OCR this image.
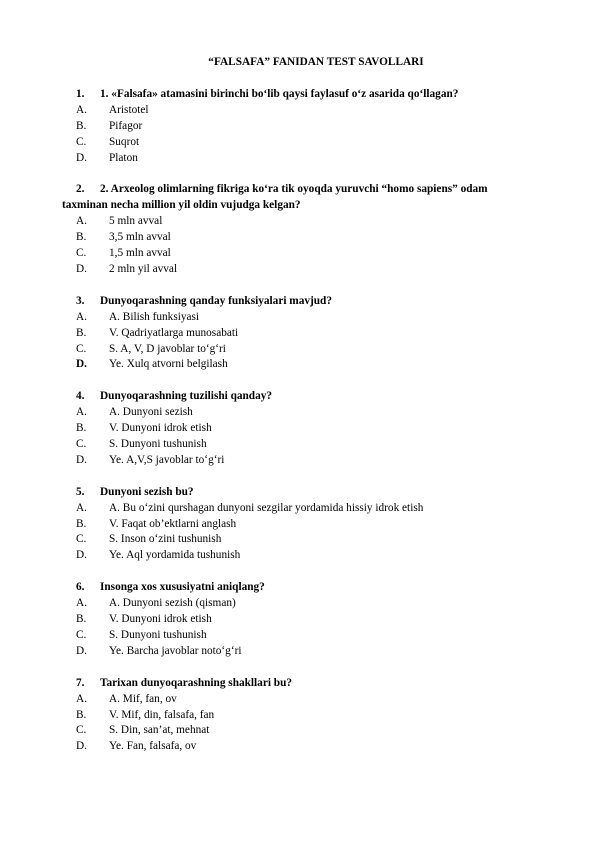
“FALSAFA” FANIDAN TEST SAVOLLARI
1. 1. «Falsafa» atamasini birinchi bo‘lib qaysi faylasuf o‘z asarida qo‘llagan?
A. Aristotel
B. Pifagor
C. Suqrot
D. Platon
2. 2. Arxeolog olimlarning fikriga ko‘ra tik oyoqda yuruvchi “homo sapiens” odam
taxminan necha million yil oldin vujudga kelgan?
A. 5 mln avval
B. 3,5 mln avval
C. 1,5 mln avval
D. 2 mln yil avval
3. Dunyoqarashning qanday funksiyalari mavjud?
A. A. Bilish funksiyasi
B. V. Qadriyatlarga munosabati
C. S. A, V, D javoblar to‘g‘ri
D. Ye. Xulq atvorni belgilash
4. Dunyoqarashning tuzilishi qanday?
A. A. Dunyoni sezish
B. V. Dunyoni idrok etish
C. S. Dunyoni tushunish
D. Ye. A,V,S javoblar to‘g‘ri
5. Dunyoni sezish bu?
A. A. Bu o‘zini qurshagan dunyoni sezgilar yordamida hissiy idrok etish
B. V. Faqat ob’ektlarni anglash
C. S. Inson o‘zini tushunish
D. Ye. Aql yordamida tushunish
6. Insonga xos xususiyatni aniqlang?
A. A. Dunyoni sezish (qisman)
B. V. Dunyoni idrok etish
C. S. Dunyoni tushunish
D. Ye. Barcha javoblar noto‘g‘ri
7. Tarixan dunyoqarashning shakllari bu?
A. A. Mif, fan, ov
B. V. Mif, din, falsafa, fan
C. S. Din, san’at, mehnat
D. Ye. Fan, falsafa, ov
